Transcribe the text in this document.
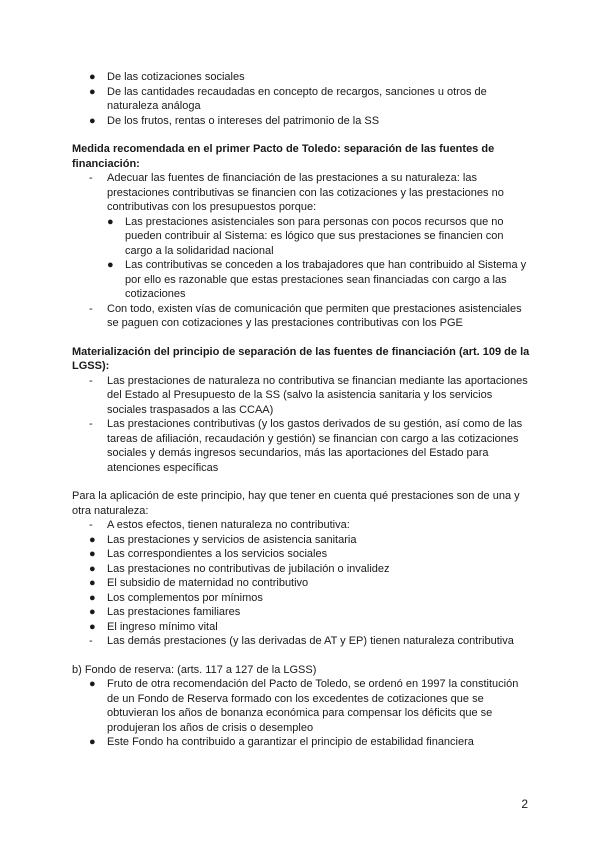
● De las cotizaciones sociales
● De las cantidades recaudadas en concepto de recargos, sanciones u otros de naturaleza análoga
● De los frutos, rentas o intereses del patrimonio de la SS
Medida recomendada en el primer Pacto de Toledo: separación de las fuentes de financiación:
- Adecuar las fuentes de financiación de las prestaciones a su naturaleza: las prestaciones contributivas se financien con las cotizaciones y las prestaciones no contributivas con los presupuestos porque:
● Las prestaciones asistenciales son para personas con pocos recursos que no pueden contribuir al Sistema: es lógico que sus prestaciones se financien con cargo a la solidaridad nacional
● Las contributivas se conceden a los trabajadores que han contribuido al Sistema y por ello es razonable que estas prestaciones sean financiadas con cargo a las cotizaciones
- Con todo, existen vías de comunicación que permiten que prestaciones asistenciales se paguen con cotizaciones y las prestaciones contributivas con los PGE
Materialización del principio de separación de las fuentes de financiación (art. 109 de la LGSS):
- Las prestaciones de naturaleza no contributiva se financian mediante las aportaciones del Estado al Presupuesto de la SS (salvo la asistencia sanitaria y los servicios sociales traspasados a las CCAA)
- Las prestaciones contributivas (y los gastos derivados de su gestión, así como de las tareas de afiliación, recaudación y gestión) se financian con cargo a las cotizaciones sociales y demás ingresos secundarios, más las aportaciones del Estado para atenciones específicas
Para la aplicación de este principio, hay que tener en cuenta qué prestaciones son de una y otra naturaleza:
- A estos efectos, tienen naturaleza no contributiva:
● Las prestaciones y servicios de asistencia sanitaria
● Las correspondientes a los servicios sociales
● Las prestaciones no contributivas de jubilación o invalidez
● El subsidio de maternidad no contributivo
● Los complementos por mínimos
● Las prestaciones familiares
● El ingreso mínimo vital
- Las demás prestaciones (y las derivadas de AT y EP) tienen naturaleza contributiva
b) Fondo de reserva: (arts. 117 a 127 de la LGSS)
● Fruto de otra recomendación del Pacto de Toledo, se ordenó en 1997 la constitución de un Fondo de Reserva formado con los excedentes de cotizaciones que se obtuvieran los años de bonanza económica para compensar los déficits que se produjeran los años de crisis o desempleo
● Este Fondo ha contribuido a garantizar el principio de estabilidad financiera
2
